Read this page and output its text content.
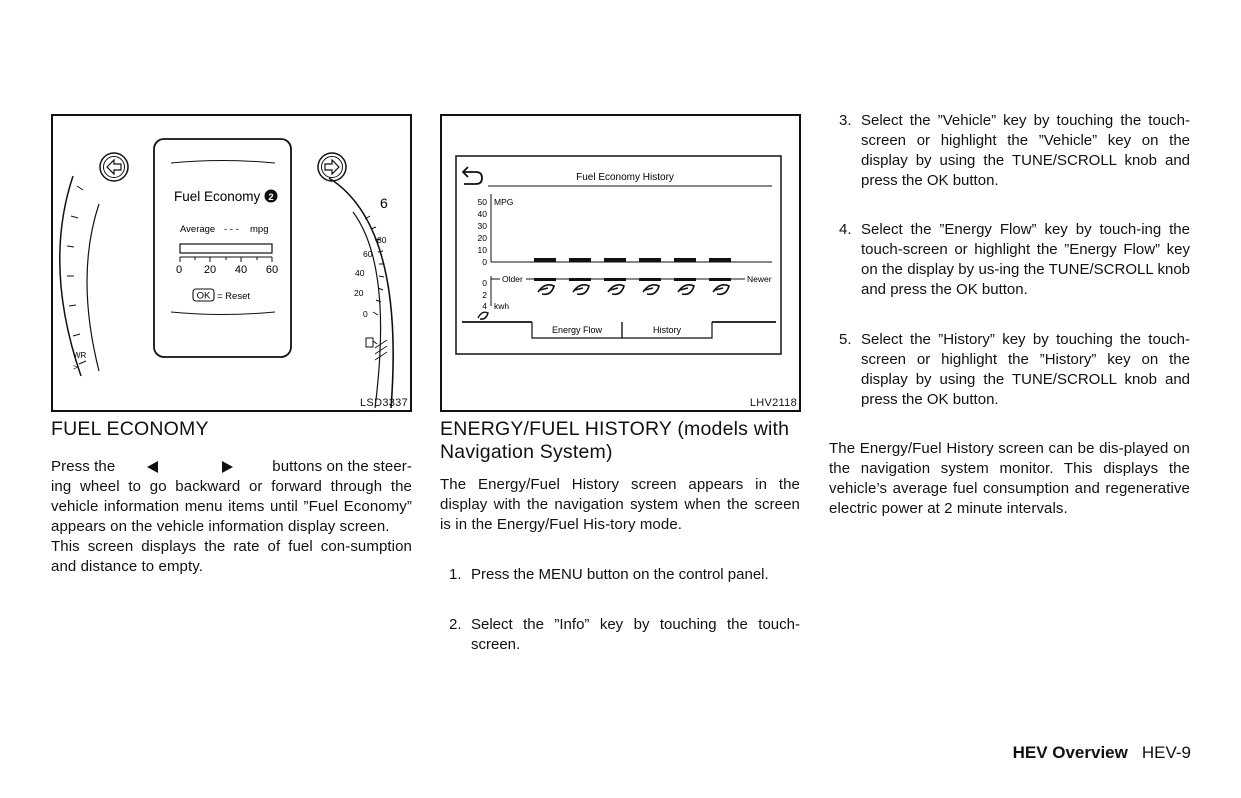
WR
>
Fuel Economy 2
Average - - - mpg
0 20 40 60
OK = Reset
6
80
60
40
20
0
LSD3337
Fuel Economy History
MPG
50
40
30
20
10
0
0
2
4 kwh
Older	Newer
Energy Flow	History
LHV2118
FUEL ECONOMY
Press the	buttons on the steer-
ing wheel to go backward or forward through the vehicle information menu items until ”Fuel Economy” appears on the vehicle information display screen.
This screen displays the rate of fuel con-sumption and distance to empty.
ENERGY/FUEL HISTORY (models with Navigation System)

The Energy/Fuel History screen appears in the display with the navigation system when the screen is in the Energy/Fuel His-tory mode.

1. Press the MENU button on the control panel.
2. Select the ”Info” key by touching the touch-screen.
3. Select the ”Vehicle” key by touching the touch-screen or highlight the ”Vehicle” key on the display by using the TUNE/SCROLL knob and press the OK button.
4. Select the ”Energy Flow” key by touch-ing the touch-screen or highlight the ”Energy Flow” key on the display by us-ing the TUNE/SCROLL knob and press the OK button.
5. Select the ”History” key by touching the touch-screen or highlight the ”History” key on the display by using the TUNE/SCROLL knob and press the OK button.

The Energy/Fuel History screen can be dis-played on the navigation system monitor. This displays the vehicle’s average fuel consumption and regenerative electric power at 2 minute intervals.

HEV Overview HEV-9
